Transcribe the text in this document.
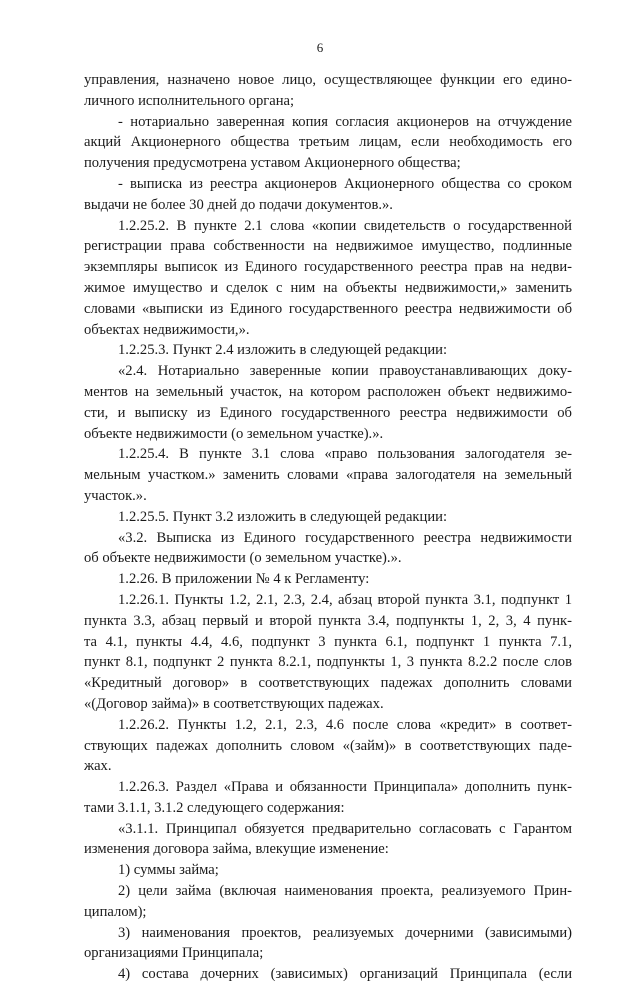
6
управления, назначено новое лицо, осуществляющее функции его едино-
личного исполнительного органа;
- нотариально заверенная копия согласия акционеров на отчуждение
акций Акционерного общества третьим лицам, если необходимость его
получения предусмотрена уставом Акционерного общества;
- выписка из реестра акционеров Акционерного общества со сроком
выдачи не более 30 дней до подачи документов.».
1.2.25.2. В пункте 2.1 слова «копии свидетельств о государственной
регистрации права собственности на недвижимое имущество, подлинные
экземпляры выписок из Единого государственного реестра прав на недви-
жимое имущество и сделок с ним на объекты недвижимости,» заменить
словами «выписки из Единого государственного реестра недвижимости об
объектах недвижимости,».
1.2.25.3. Пункт 2.4 изложить в следующей редакции:
«2.4. Нотариально заверенные копии правоустанавливающих доку-
ментов на земельный участок, на котором расположен объект недвижимо-
сти, и выписку из Единого государственного реестра недвижимости об
объекте недвижимости (о земельном участке).».
1.2.25.4. В пункте 3.1 слова «право пользования залогодателя зе-
мельным участком.» заменить словами «права залогодателя на земельный
участок.».
1.2.25.5. Пункт 3.2 изложить в следующей редакции:
«3.2. Выписка из Единого государственного реестра недвижимости
об объекте недвижимости (о земельном участке).».
1.2.26. В приложении № 4 к Регламенту:
1.2.26.1. Пункты 1.2, 2.1, 2.3, 2.4, абзац второй пункта 3.1, подпункт 1
пункта 3.3, абзац первый и второй пункта 3.4, подпункты 1, 2, 3, 4 пунк-
та 4.1, пункты 4.4, 4.6, подпункт 3 пункта 6.1, подпункт 1 пункта 7.1,
пункт 8.1, подпункт 2 пункта 8.2.1, подпункты 1, 3 пункта 8.2.2 после слов
«Кредитный договор» в соответствующих падежах дополнить словами
«(Договор займа)» в соответствующих падежах.
1.2.26.2. Пункты 1.2, 2.1, 2.3, 4.6 после слова «кредит» в соответ-
ствующих падежах дополнить словом «(займ)» в соответствующих паде-
жах.
1.2.26.3. Раздел «Права и обязанности Принципала» дополнить пунк-
тами 3.1.1, 3.1.2 следующего содержания:
«3.1.1. Принципал обязуется предварительно согласовать с Гарантом
изменения договора займа, влекущие изменение:
1) суммы займа;
2) цели займа (включая наименования проекта, реализуемого Прин-
ципалом);
3) наименования проектов, реализуемых дочерними (зависимыми)
организациями Принципала;
4) состава дочерних (зависимых) организаций Принципала (если
